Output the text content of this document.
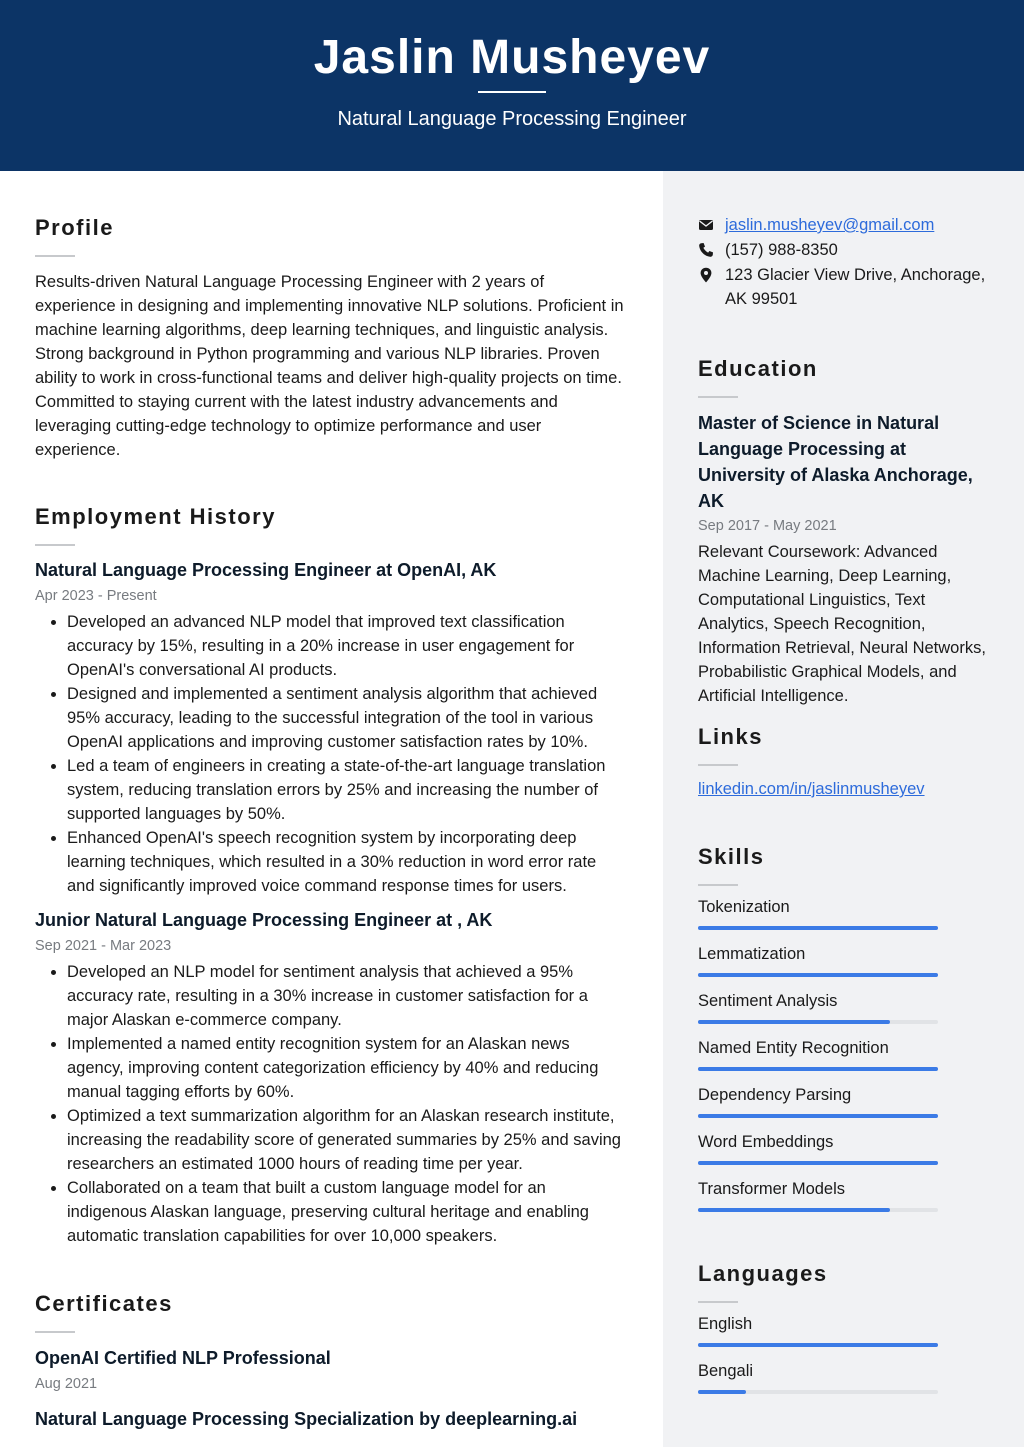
Jaslin Musheyev
Natural Language Processing Engineer
Profile
Results-driven Natural Language Processing Engineer with 2 years of experience in designing and implementing innovative NLP solutions. Proficient in machine learning algorithms, deep learning techniques, and linguistic analysis. Strong background in Python programming and various NLP libraries. Proven ability to work in cross-functional teams and deliver high-quality projects on time. Committed to staying current with the latest industry advancements and leveraging cutting-edge technology to optimize performance and user experience.
Employment History
Natural Language Processing Engineer at OpenAI, AK
Apr 2023 - Present
Developed an advanced NLP model that improved text classification accuracy by 15%, resulting in a 20% increase in user engagement for OpenAI's conversational AI products.
Designed and implemented a sentiment analysis algorithm that achieved 95% accuracy, leading to the successful integration of the tool in various OpenAI applications and improving customer satisfaction rates by 10%.
Led a team of engineers in creating a state-of-the-art language translation system, reducing translation errors by 25% and increasing the number of supported languages by 50%.
Enhanced OpenAI's speech recognition system by incorporating deep learning techniques, which resulted in a 30% reduction in word error rate and significantly improved voice command response times for users.
Junior Natural Language Processing Engineer at , AK
Sep 2021 - Mar 2023
Developed an NLP model for sentiment analysis that achieved a 95% accuracy rate, resulting in a 30% increase in customer satisfaction for a major Alaskan e-commerce company.
Implemented a named entity recognition system for an Alaskan news agency, improving content categorization efficiency by 40% and reducing manual tagging efforts by 60%.
Optimized a text summarization algorithm for an Alaskan research institute, increasing the readability score of generated summaries by 25% and saving researchers an estimated 1000 hours of reading time per year.
Collaborated on a team that built a custom language model for an indigenous Alaskan language, preserving cultural heritage and enabling automatic translation capabilities for over 10,000 speakers.
Certificates
OpenAI Certified NLP Professional
Aug 2021
Natural Language Processing Specialization by deeplearning.ai
jaslin.musheyev@gmail.com
(157) 988-8350
123 Glacier View Drive, Anchorage, AK 99501
Education
Master of Science in Natural Language Processing at University of Alaska Anchorage, AK
Sep 2017 - May 2021
Relevant Coursework: Advanced Machine Learning, Deep Learning, Computational Linguistics, Text Analytics, Speech Recognition, Information Retrieval, Neural Networks, Probabilistic Graphical Models, and Artificial Intelligence.
Links
linkedin.com/in/jaslinmusheyev
Skills
Tokenization
Lemmatization
Sentiment Analysis
Named Entity Recognition
Dependency Parsing
Word Embeddings
Transformer Models
Languages
English
Bengali
